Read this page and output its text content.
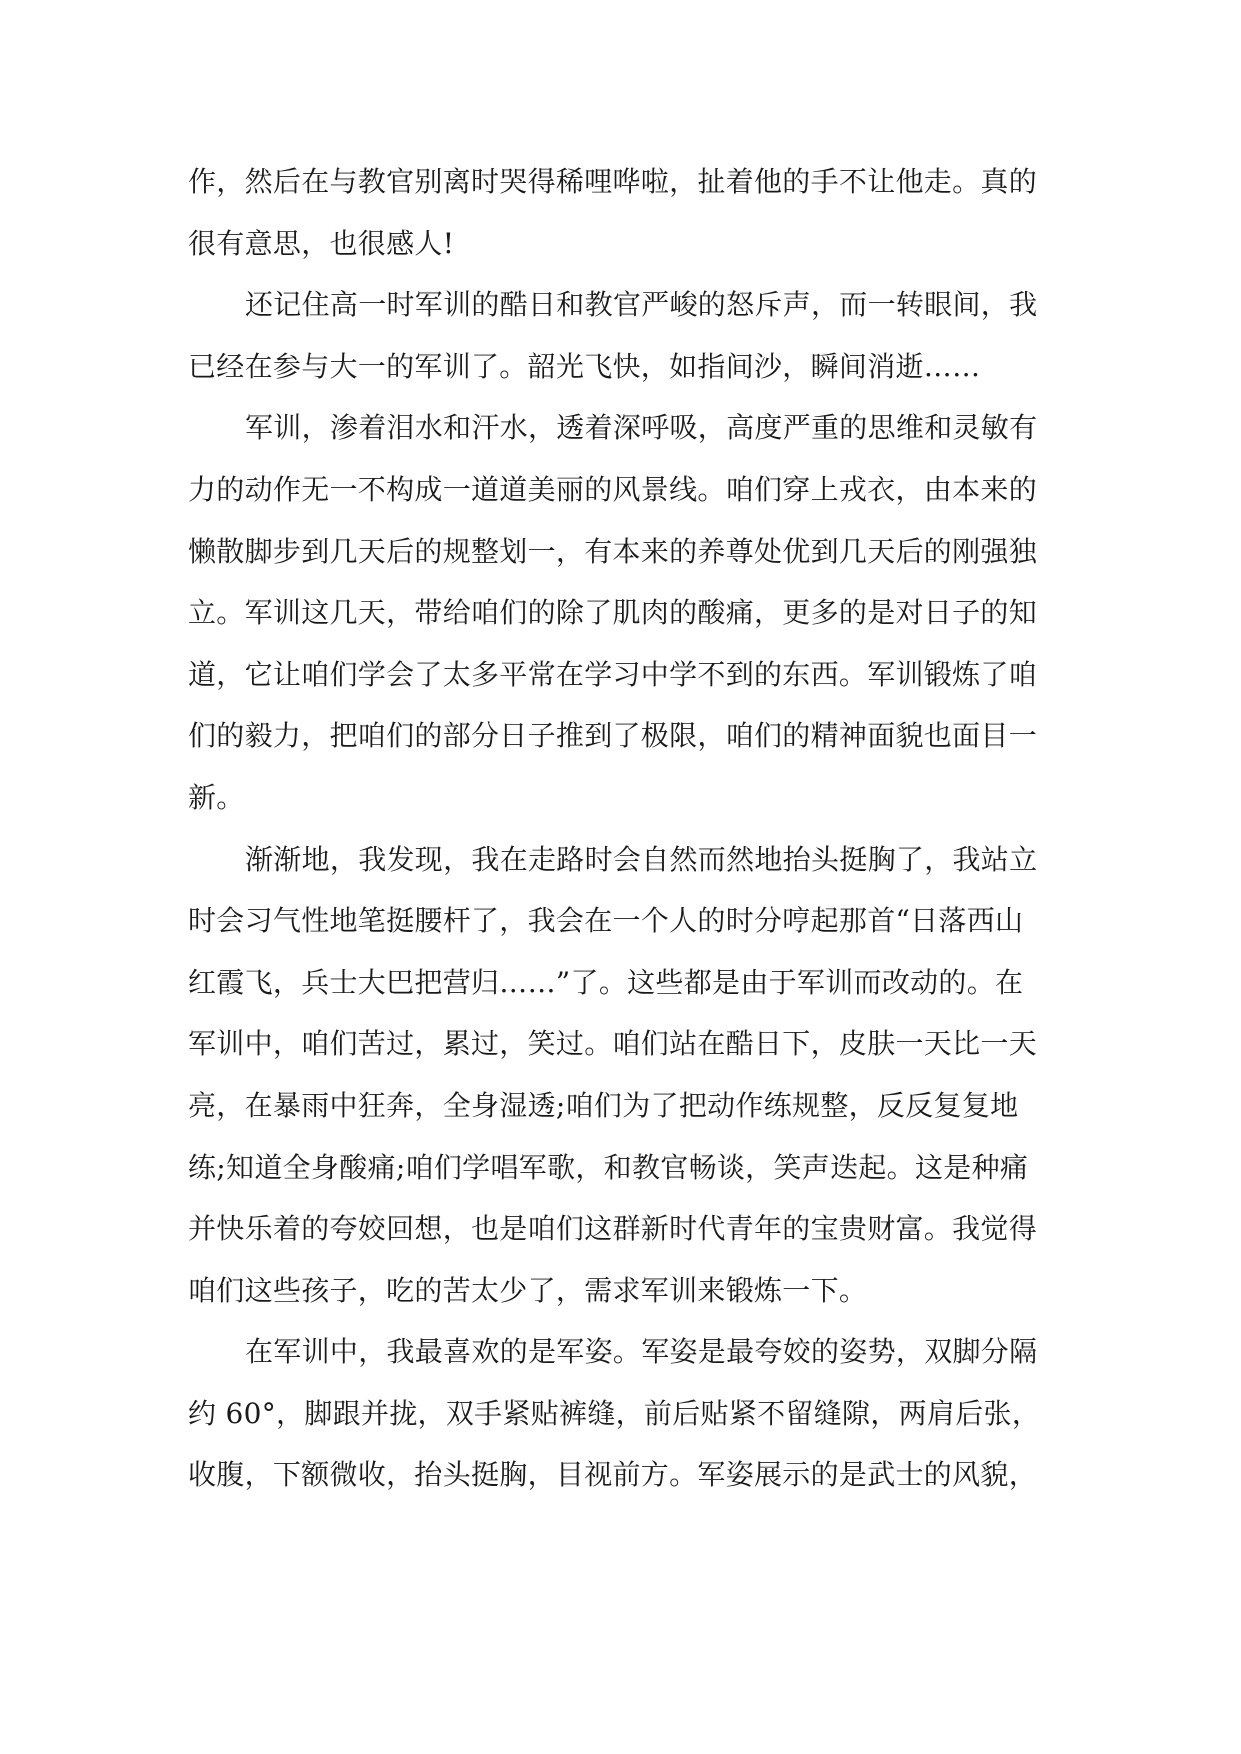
作，然后在与教官别离时哭得稀哩哗啦，扯着他的手不让他走。真的
很有意思，也很感人!
还记住高一时军训的酷日和教官严峻的怒斥声，而一转眼间，我
已经在参与大一的军训了。韶光飞快，如指间沙，瞬间消逝……
军训，渗着泪水和汗水，透着深呼吸，高度严重的思维和灵敏有
力的动作无一不构成一道道美丽的风景线。咱们穿上戎衣，由本来的
懒散脚步到几天后的规整划一，有本来的养尊处优到几天后的刚强独
立。军训这几天，带给咱们的除了肌肉的酸痛，更多的是对日子的知
道，它让咱们学会了太多平常在学习中学不到的东西。军训锻炼了咱
们的毅力，把咱们的部分日子推到了极限，咱们的精神面貌也面目一
新。
渐渐地，我发现，我在走路时会自然而然地抬头挺胸了，我站立
时会习气性地笔挺腰杆了，我会在一个人的时分哼起那首“日落西山
红霞飞，兵士大巴把营归……”了。这些都是由于军训而改动的。在
军训中，咱们苦过，累过，笑过。咱们站在酷日下，皮肤一天比一天
亮，在暴雨中狂奔，全身湿透;咱们为了把动作练规整，反反复复地
练;知道全身酸痛;咱们学唱军歌，和教官畅谈，笑声迭起。这是种痛
并快乐着的夸姣回想，也是咱们这群新时代青年的宝贵财富。我觉得
咱们这些孩子，吃的苦太少了，需求军训来锻炼一下。
在军训中，我最喜欢的是军姿。军姿是最夸姣的姿势，双脚分隔
约 60°，脚跟并拢，双手紧贴裤缝，前后贴紧不留缝隙，两肩后张，
收腹，下额微收，抬头挺胸，目视前方。军姿展示的是武士的风貌，
